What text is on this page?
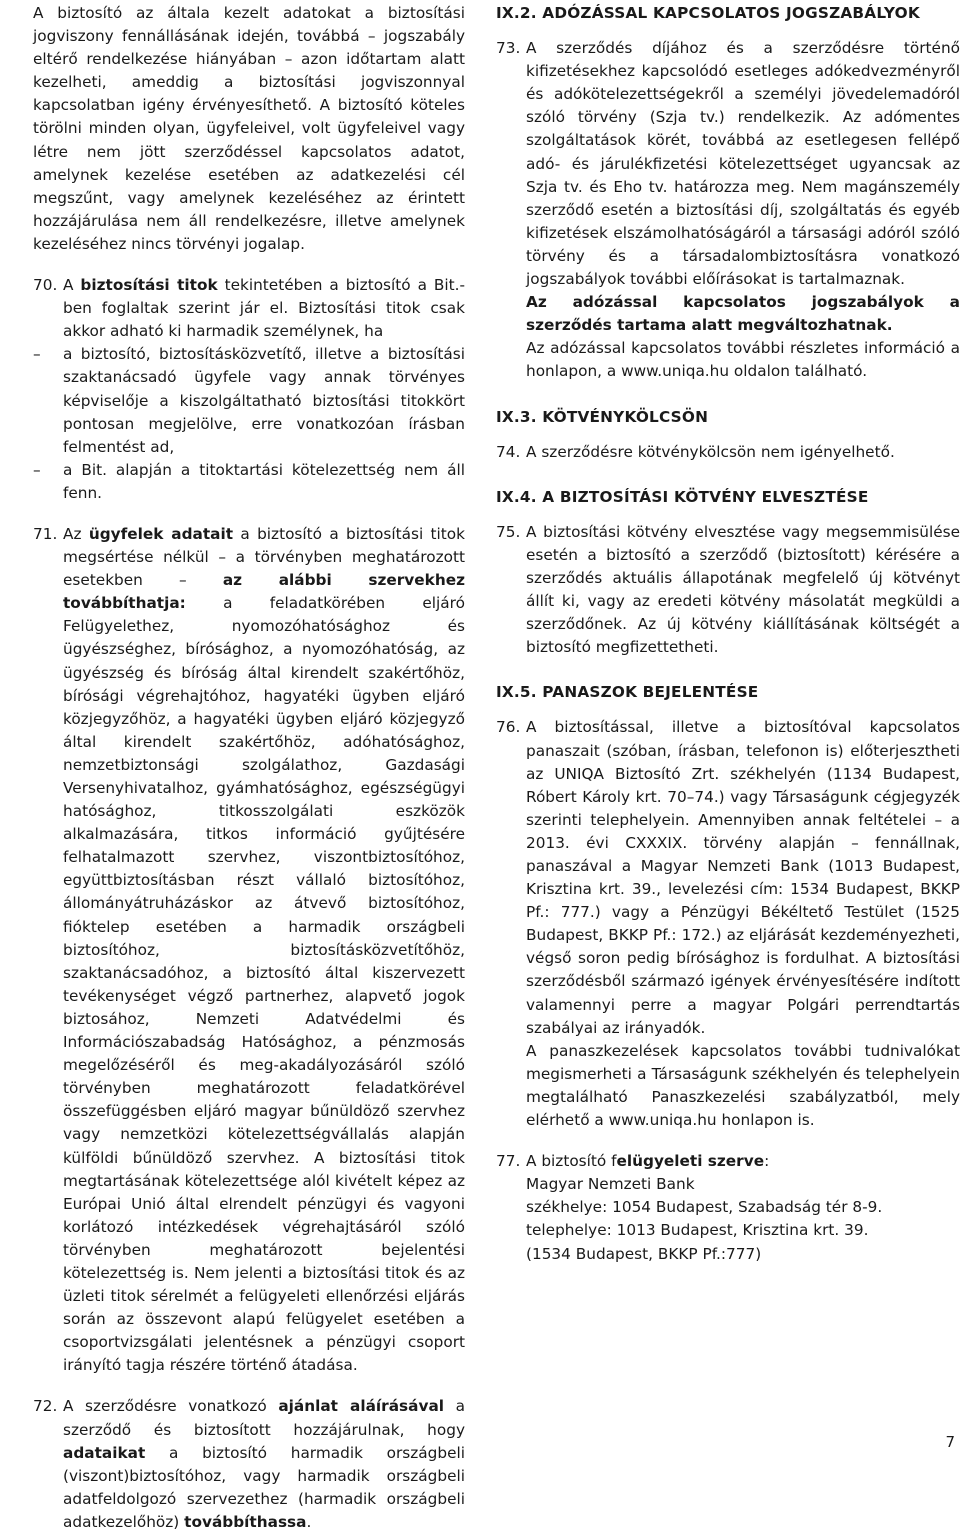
A biztosító az általa kezelt adatokat a biztosítási jogviszony fennállásának idején, továbbá – jogszabály eltérő rendelkezése hiányában – azon időtartam alatt kezelheti, ameddig a biztosítási jogviszonnyal kapcsolatban igény érvényesíthető. A biztosító köteles törölni minden olyan, ügyfeleivel, volt ügyfeleivel vagy létre nem jött szerződéssel kapcsolatos adatot, amelynek kezelése esetében az adatkezelési cél megszűnt, vagy amelynek kezeléséhez az érintett hozzájárulása nem áll rendelkezésre, illetve amelynek kezeléséhez nincs törvényi jogalap.

70. A biztosítási titok tekintetében a biztosító a Bit.-ben foglaltak szerint jár el. Biztosítási titok csak akkor adható ki harmadik személynek, ha

–	a biztosító, biztosításközvetítő, illetve a biztosítási szaktanácsadó ügyfele vagy annak törvényes képviselője a kiszolgáltatható biztosítási titokkört pontosan megjelölve, erre vonatkozóan írásban felmentést ad,
–	a Bit. alapján a titoktartási kötelezettség nem áll fenn.
71. Az ügyfelek adatait a biztosító a biztosítási titok megsértése nélkül – a törvényben meghatározott esetekben – az alábbi szervekhez továbbíthatja: a feladatkörében eljáró Felügyelethez, nyomozóhatósághoz és ügyészséghez, bírósághoz, a nyomozóhatóság, az ügyészség és bíróság által kirendelt szakértőhöz, bírósági végrehajtóhoz, hagyatéki ügyben eljáró közjegyzőhöz, a hagyatéki ügyben eljáró közjegyző által kirendelt szakértőhöz, adóhatósághoz, nemzetbiztonsági szolgálathoz, Gazdasági Versenyhivatalhoz, gyámhatósághoz, egészségügyi hatósághoz, titkosszolgálati eszközök alkalmazására, titkos információ gyűjtésére felhatalmazott szervhez, viszontbiztosítóhoz, együttbiztosításban részt vállaló biztosítóhoz, állományátruházáskor az átvevő biztosítóhoz, fióktelep esetében a harmadik országbeli biztosítóhoz, biztosításközvetítőhöz, szaktanácsadóhoz, a biztosító által kiszervezett tevékenységet végző partnerhez, alapvető jogok biztosához, Nemzeti Adatvédelmi és Információszabadság Hatósághoz, a pénzmosás megelőzéséről és meg-akadályozásáról szóló törvényben meghatározott feladatkörével összefüggésben eljáró magyar bűnüldöző szervhez vagy nemzetközi kötelezettségvállalás alapján külföldi bűnüldöző szervhez. A biztosítási titok megtartásának kötelezettsége alól kivételt képez az Európai Unió által elrendelt pénzügyi és vagyoni korlátozó intézkedések végrehajtásáról szóló törvényben meghatározott bejelentési kötelezettség is. Nem jelenti a biztosítási titok és az üzleti titok sérelmét a felügyeleti ellenőrzési eljárás során az összevont alapú felügyelet esetében a csoportvizsgálati jelentésnek a pénzügyi csoport irányító tagja részére történő átadása.

72. A szerződésre vonatkozó ajánlat aláírásával a szerződő és biztosított hozzájárulnak, hogy adataikat a biztosító harmadik országbeli (viszont)biztosítóhoz, vagy harmadik országbeli adatfeldolgozó szervezethez (harmadik országbeli adatkezelőhöz) továbbíthassa.

IX.2. ADÓZÁSSAL KAPCSOLATOS JOGSZABÁLYOK
73. A szerződés díjához és a szerződésre történő kifizetésekhez kapcsolódó esetleges adókedvezményről és adókötelezettségekről a személyi jövedelemadóról szóló törvény (Szja tv.) rendelkezik. Az adómentes szolgáltatások körét, továbbá az esetlegesen fellépő adó- és járulékfizetési kötelezettséget ugyancsak az Szja tv. és Eho tv. határozza meg. Nem magánszemély szerződő esetén a biztosítási díj, szolgáltatás és egyéb kifizetések elszámolhatóságáról a társasági adóról szóló törvény és a társadalombiztosításra vonatkozó jogszabályok további előírásokat is tartalmaznak.

Az adózással kapcsolatos jogszabályok a szerződés tartama alatt megváltozhatnak.

Az adózással kapcsolatos további részletes információ a honlapon, a www.uniqa.hu oldalon található.

IX.3. KÖTVÉNYKÖLCSÖN
74. A szerződésre kötvénykölcsön nem igényelhető.

IX.4. A BIZTOSÍTÁSI KÖTVÉNY ELVESZTÉSE
75. A biztosítási kötvény elvesztése vagy megsemmisülése esetén a biztosító a szerződő (biztosított) kérésére a szerződés aktuális állapotának megfelelő új kötvényt állít ki, vagy az eredeti kötvény másolatát megküldi a szerződőnek. Az új kötvény kiállításának költségét a biztosító megfizettetheti.

IX.5. PANASZOK BEJELENTÉSE
76. A biztosítással, illetve a biztosítóval kapcsolatos panaszait (szóban, írásban, telefonon is) előterjesztheti az UNIQA Biztosító Zrt. székhelyén (1134 Budapest, Róbert Károly krt. 70–74.) vagy Társaságunk cégjegyzék szerinti telephelyein. Amennyiben annak feltételei – a 2013. évi CXXXIX. törvény alapján – fennállnak, panaszával a Magyar Nemzeti Bank (1013 Budapest, Krisztina krt. 39., levelezési cím: 1534 Budapest, BKKP Pf.: 777.) vagy a Pénzügyi Békéltető Testület (1525 Budapest, BKKP Pf.: 172.) az eljárását kezdeményezheti, végső soron pedig bírósághoz is fordulhat. A biztosítási szerződésből származó igények érvényesítésére indított valamennyi perre a magyar Polgári perrendtartás szabályai az irányadók.

A panaszkezelések kapcsolatos további tudnivalókat megismerheti a Társaságunk székhelyén és telephelyein megtalálható Panaszkezelési szabályzatból, mely elérhető a www.uniqa.hu honlapon is.

77. A biztosító felügyeleti szerve:

Magyar Nemzeti Bank
székhelye: 1054 Budapest, Szabadság tér 8-9.
telephelye: 1013 Budapest, Krisztina krt. 39.
(1534 Budapest, BKKP Pf.:777)
7
